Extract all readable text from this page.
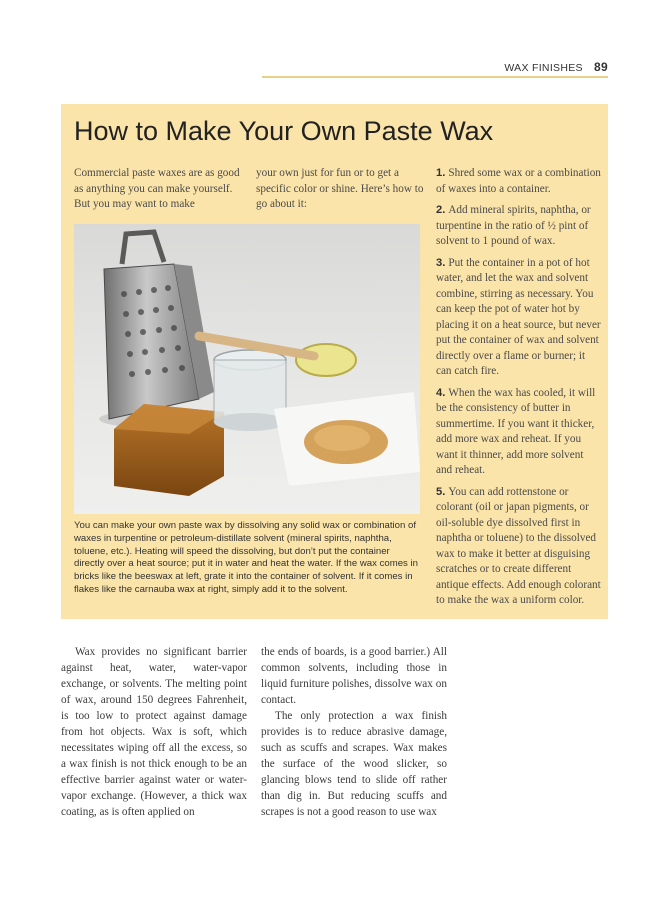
WAX FINISHES 89
How to Make Your Own Paste Wax
Commercial paste waxes are as good as anything you can make yourself. But you may want to make
your own just for fun or to get a specific color or shine. Here’s how to go about it:
You can make your own paste wax by dissolving any solid wax or combination of waxes in turpentine or petroleum-distillate solvent (mineral spirits, naphtha, toluene, etc.). Heating will speed the dissolving, but don’t put the container directly over a heat source; put it in water and heat the water. If the wax comes in bricks like the beeswax at left, grate it into the container of solvent. If it comes in flakes like the carnauba wax at right, simply add it to the solvent.

1. Shred some wax or a combination of waxes into a container.

2. Add mineral spirits, naphtha, or turpentine in the ratio of ½ pint of solvent to 1 pound of wax.

3. Put the container in a pot of hot water, and let the wax and solvent combine, stirring as necessary. You can keep the pot of water hot by placing it on a heat source, but never put the container of wax and solvent directly over a flame or burner; it can catch fire.

4. When the wax has cooled, it will be the consistency of butter in summertime. If you want it thicker, add more wax and reheat. If you want it thinner, add more solvent and reheat.

5. You can add rottenstone or colorant (oil or japan pigments, or oil-soluble dye dissolved first in naphtha or toluene) to the dissolved wax to make it better at disguising scratches or to create different antique effects. Add enough colorant to make the wax a uniform color.

Wax provides no significant barrier against heat, water, water-vapor exchange, or solvents. The melting point of wax, around 150 degrees Fahrenheit, is too low to protect against damage from hot objects. Wax is soft, which necessitates wiping off all the excess, so a wax finish is not thick enough to be an effective barrier against water or water-vapor exchange. (However, a thick wax coating, as is often applied on

the ends of boards, is a good barrier.) All common solvents, including those in liquid furniture polishes, dissolve wax on contact.

The only protection a wax finish provides is to reduce abrasive damage, such as scuffs and scrapes. Wax makes the surface of the wood slicker, so glancing blows tend to slide off rather than dig in. But reducing scuffs and scrapes is not a good reason to use wax
